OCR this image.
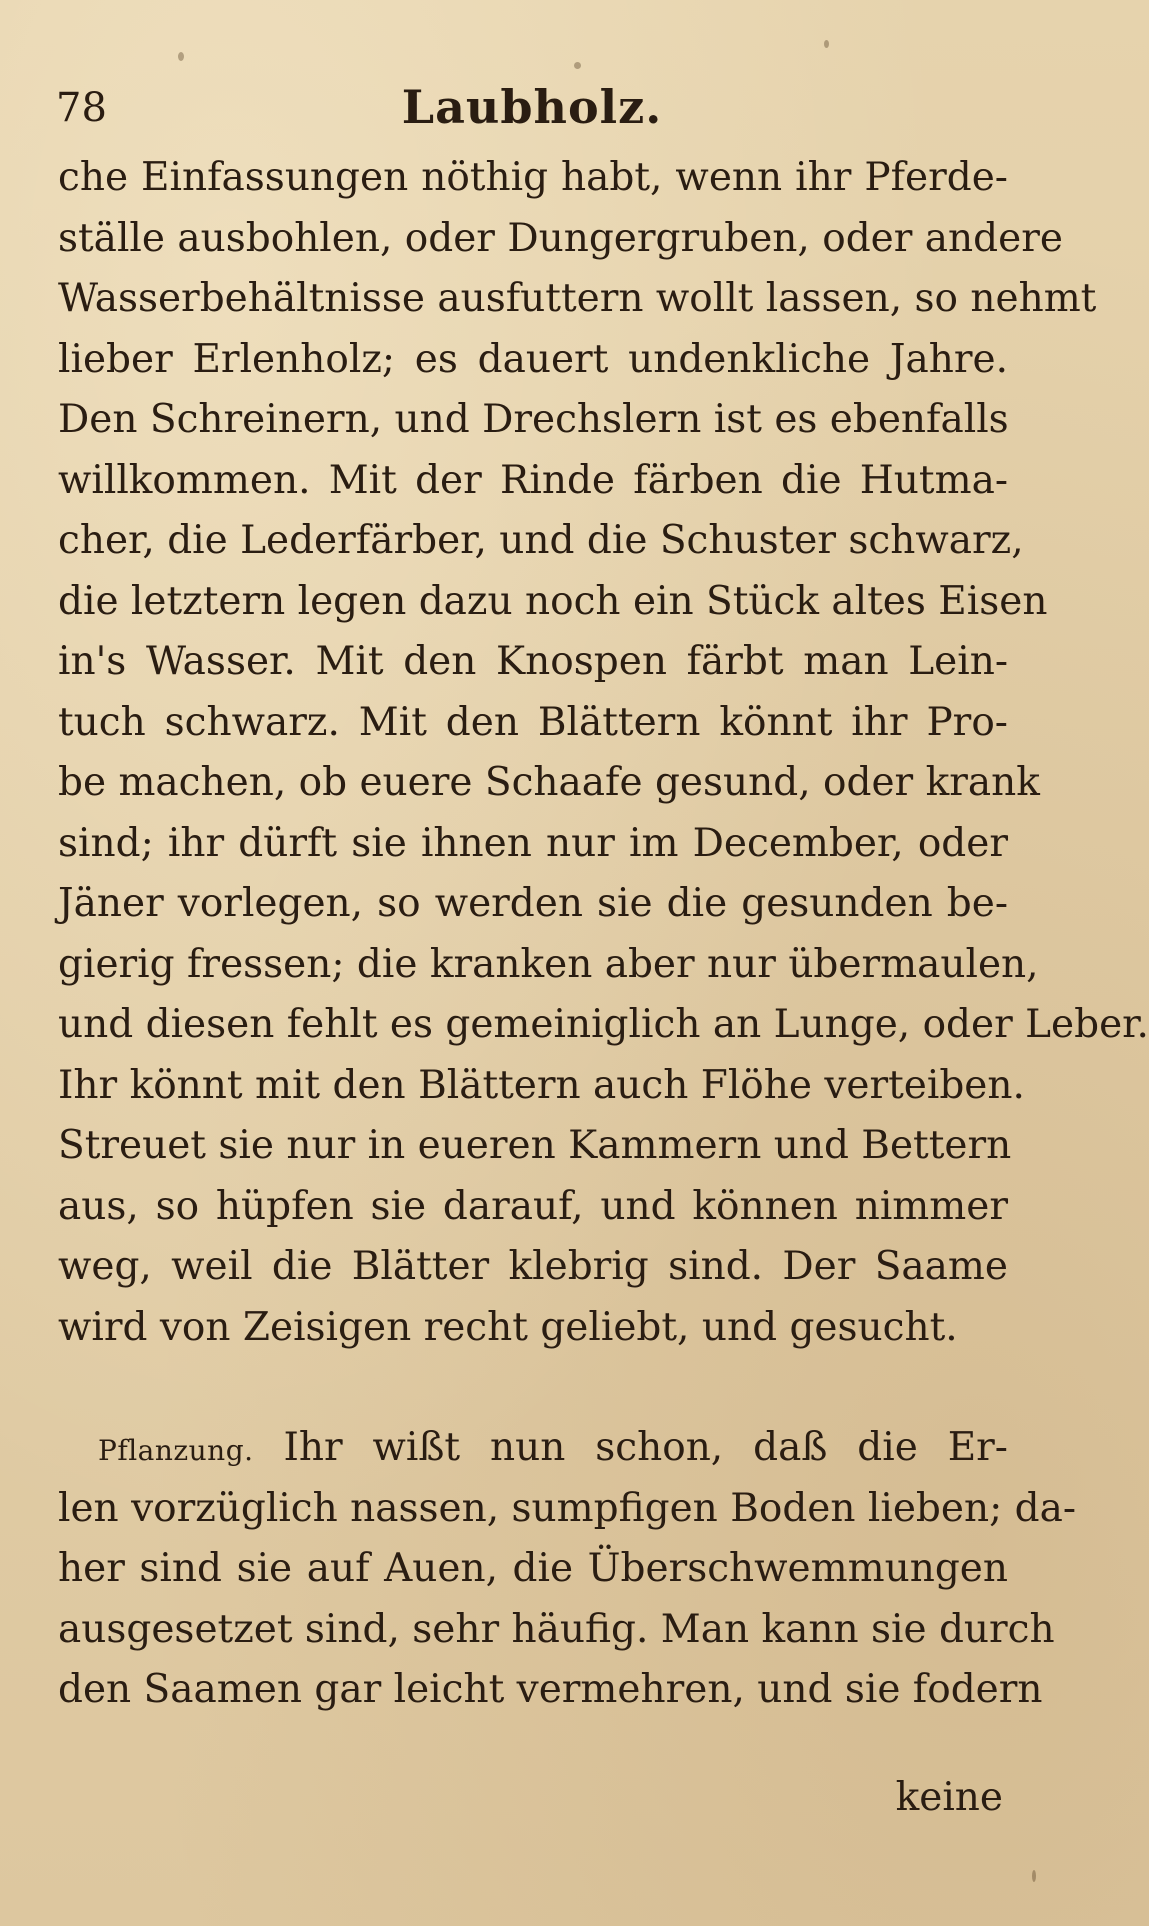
78	Laubholz.
che Einfassungen nöthig habt, wenn ihr Pferde-
ställe ausbohlen, oder Dungergruben, oder andere
Wasserbehältnisse ausfuttern wollt lassen, so nehmt
lieber Erlenholz; es dauert undenkliche Jahre.
Den Schreinern, und Drechslern ist es ebenfalls
willkommen. Mit der Rinde färben die Hutma-
cher, die Lederfärber, und die Schuster schwarz,
die letztern legen dazu noch ein Stück altes Eisen
in's Wasser. Mit den Knospen färbt man Lein-
tuch schwarz. Mit den Blättern könnt ihr Pro-
be machen, ob euere Schaafe gesund, oder krank
sind; ihr dürft sie ihnen nur im December, oder
Jäner vorlegen, so werden sie die gesunden be-
gierig fressen; die kranken aber nur übermaulen,
und diesen fehlt es gemeiniglich an Lunge, oder Leber.
Ihr könnt mit den Blättern auch Flöhe verteiben.
Streuet sie nur in eueren Kammern und Bettern
aus, so hüpfen sie darauf, und können nimmer
weg, weil die Blätter klebrig sind. Der Saame
wird von Zeisigen recht geliebt, und gesucht.
Pflanzung. Ihr wißt nun schon, daß die Er-
len vorzüglich nassen, sumpfigen Boden lieben; da-
her sind sie auf Auen, die Überschwemmungen
ausgesetzet sind, sehr häufig. Man kann sie durch
den Saamen gar leicht vermehren, und sie fodern
keine
